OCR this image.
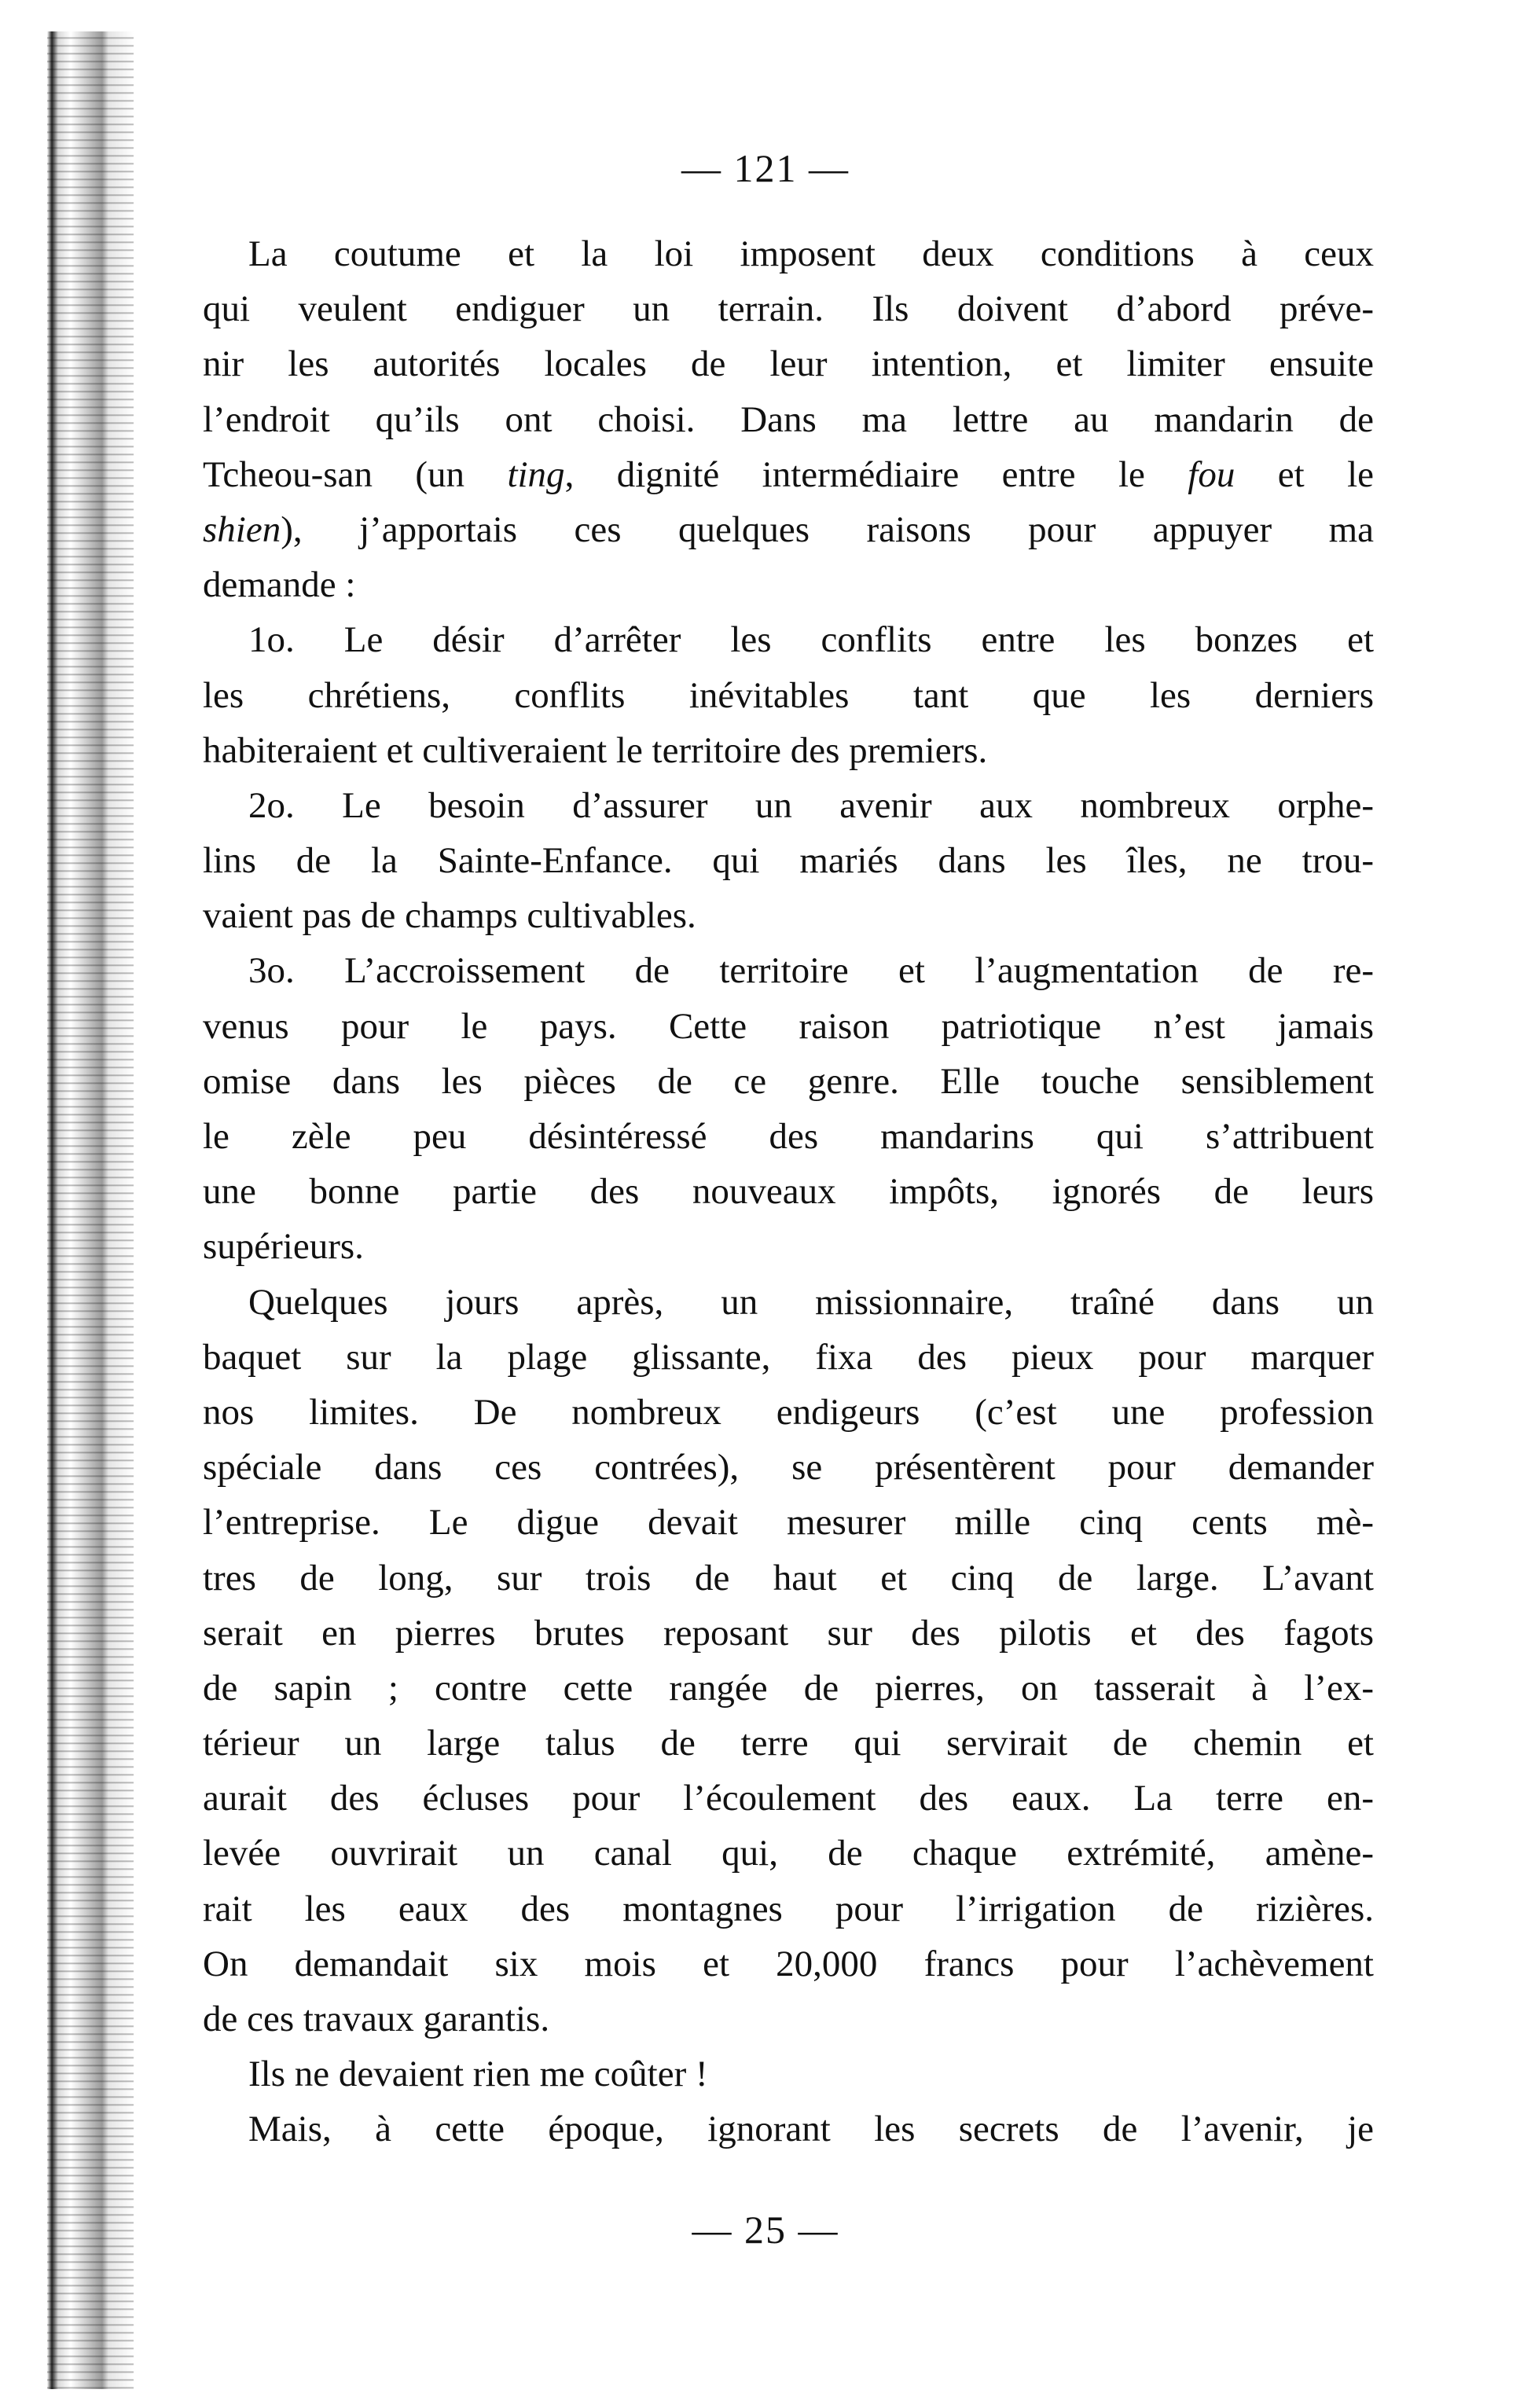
— 121 —
La coutume et la loi imposent deux conditions à ceux
qui veulent endiguer un terrain. Ils doivent d’abord préve-
nir les autorités locales de leur intention, et limiter ensuite
l’endroit qu’ils ont choisi. Dans ma lettre au mandarin de
Tcheou-san (un ting, dignité intermédiaire entre le fou et le
shien), j’apportais ces quelques raisons pour appuyer ma
demande :
1o. Le désir d’arrêter les conflits entre les bonzes et
les chrétiens, conflits inévitables tant que les derniers
habiteraient et cultiveraient le territoire des premiers.
2o. Le besoin d’assurer un avenir aux nombreux orphe-
lins de la Sainte-Enfance. qui mariés dans les îles, ne trou-
vaient pas de champs cultivables.
3o. L’accroissement de territoire et l’augmentation de re-
venus pour le pays. Cette raison patriotique n’est jamais
omise dans les pièces de ce genre. Elle touche sensiblement
le zèle peu désintéressé des mandarins qui s’attribuent
une bonne partie des nouveaux impôts, ignorés de leurs
supérieurs.
Quelques jours après, un missionnaire, traîné dans un
baquet sur la plage glissante, fixa des pieux pour marquer
nos limites. De nombreux endigeurs (c’est une profession
spéciale dans ces contrées), se présentèrent pour demander
l’entreprise. Le digue devait mesurer mille cinq cents mè-
tres de long, sur trois de haut et cinq de large. L’avant
serait en pierres brutes reposant sur des pilotis et des fagots
de sapin ; contre cette rangée de pierres, on tasserait à l’ex-
térieur un large talus de terre qui servirait de chemin et
aurait des écluses pour l’écoulement des eaux. La terre en-
levée ouvrirait un canal qui, de chaque extrémité, amène-
rait les eaux des montagnes pour l’irrigation de rizières.
On demandait six mois et 20,000 francs pour l’achèvement
de ces travaux garantis.
Ils ne devaient rien me coûter !
Mais, à cette époque, ignorant les secrets de l’avenir, je
— 25 —
